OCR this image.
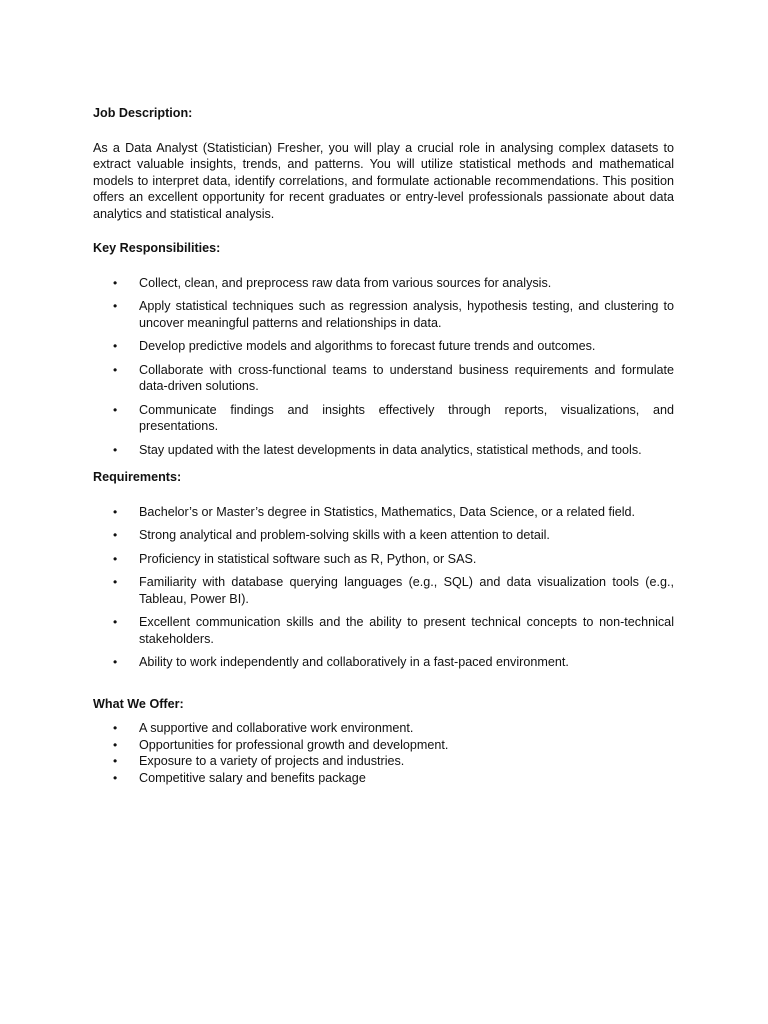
Job Description:

As a Data Analyst (Statistician) Fresher, you will play a crucial role in analysing complex datasets to extract valuable insights, trends, and patterns. You will utilize statistical methods and mathematical models to interpret data, identify correlations, and formulate actionable recommendations. This position offers an excellent opportunity for recent graduates or entry-level professionals passionate about data analytics and statistical analysis.

Key Responsibilities:

• Collect, clean, and preprocess raw data from various sources for analysis.
• Apply statistical techniques such as regression analysis, hypothesis testing, and clustering to uncover meaningful patterns and relationships in data.
• Develop predictive models and algorithms to forecast future trends and outcomes.
• Collaborate with cross-functional teams to understand business requirements and formulate data-driven solutions.
• Communicate findings and insights effectively through reports, visualizations, and presentations.
• Stay updated with the latest developments in data analytics, statistical methods, and tools.

Requirements:

• Bachelor’s or Master’s degree in Statistics, Mathematics, Data Science, or a related field.
• Strong analytical and problem-solving skills with a keen attention to detail.
• Proficiency in statistical software such as R, Python, or SAS.
• Familiarity with database querying languages (e.g., SQL) and data visualization tools (e.g., Tableau, Power BI).
• Excellent communication skills and the ability to present technical concepts to non-technical stakeholders.
• Ability to work independently and collaboratively in a fast-paced environment.

What We Offer:

• A supportive and collaborative work environment.
• Opportunities for professional growth and development.
• Exposure to a variety of projects and industries.
• Competitive salary and benefits package
